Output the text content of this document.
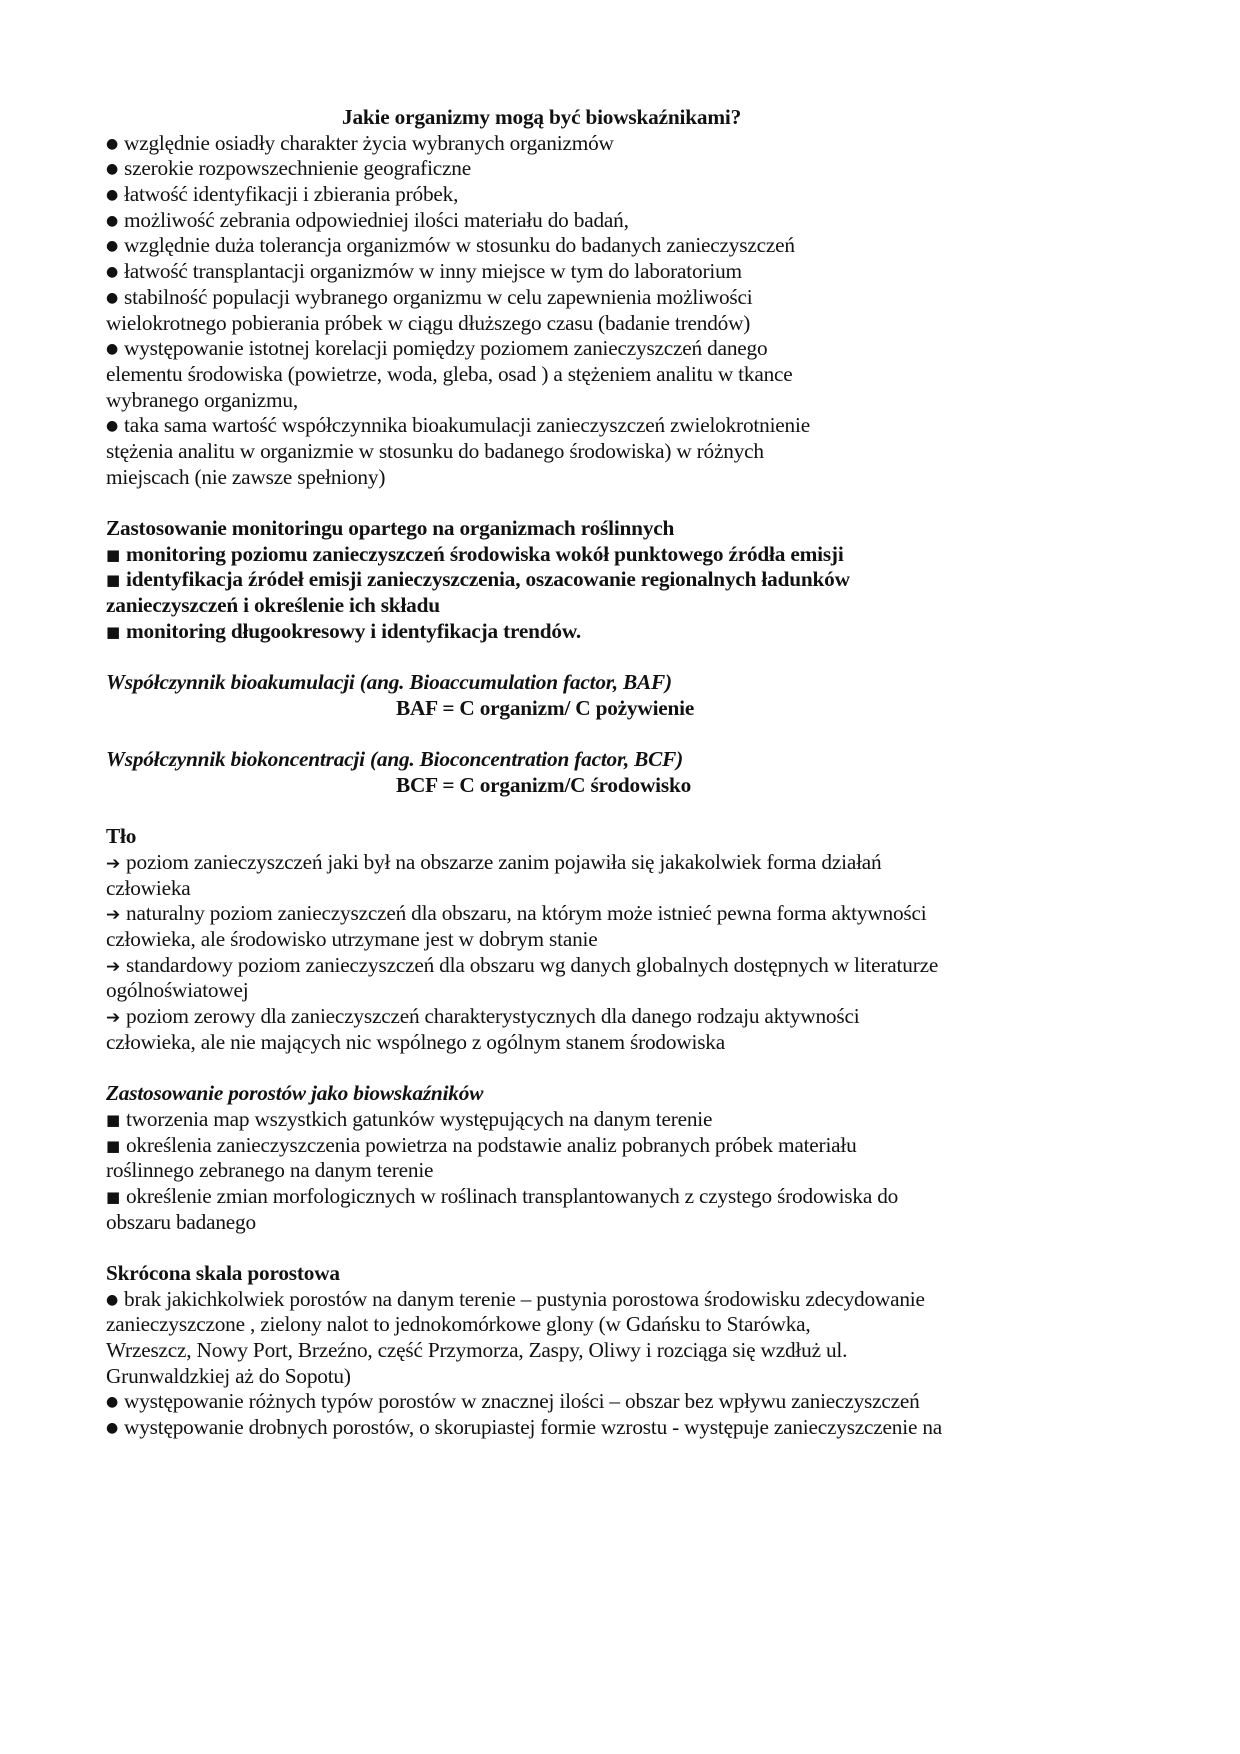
Jakie organizmy mogą być biowskaźnikami?
● względnie osiadły charakter życia wybranych organizmów
● szerokie rozpowszechnienie geograficzne
● łatwość identyfikacji i zbierania próbek,
● możliwość zebrania odpowiedniej ilości materiału do badań,
● względnie duża tolerancja organizmów w stosunku do badanych zanieczyszczeń
● łatwość transplantacji organizmów w inny miejsce w tym do laboratorium
● stabilność populacji wybranego organizmu w celu zapewnienia możliwości
wielokrotnego pobierania próbek w ciągu dłuższego czasu (badanie trendów)
● występowanie istotnej korelacji pomiędzy poziomem zanieczyszczeń danego
elementu środowiska (powietrze, woda, gleba, osad ) a stężeniem analitu w tkance
wybranego organizmu,
● taka sama wartość współczynnika bioakumulacji zanieczyszczeń zwielokrotnienie
stężenia analitu w organizmie w stosunku do badanego środowiska) w różnych
miejscach (nie zawsze spełniony)
Zastosowanie monitoringu opartego na organizmach roślinnych
■ monitoring poziomu zanieczyszczeń środowiska wokół punktowego źródła emisji
■ identyfikacja źródeł emisji zanieczyszczenia, oszacowanie regionalnych ładunków
zanieczyszczeń i określenie ich składu
■ monitoring długookresowy i identyfikacja trendów.
Współczynnik bioakumulacji (ang. Bioaccumulation factor, BAF)
BAF = C organizm/ C pożywienie
Współczynnik biokoncentracji (ang. Bioconcentration factor, BCF)
BCF = C organizm/C środowisko
Tło
➔ poziom zanieczyszczeń jaki był na obszarze zanim pojawiła się jakakolwiek forma działań
człowieka
➔ naturalny poziom zanieczyszczeń dla obszaru, na którym może istnieć pewna forma aktywności
człowieka, ale środowisko utrzymane jest w dobrym stanie
➔ standardowy poziom zanieczyszczeń dla obszaru wg danych globalnych dostępnych w literaturze
ogólnoświatowej
➔ poziom zerowy dla zanieczyszczeń charakterystycznych dla danego rodzaju aktywności
człowieka, ale nie mających nic wspólnego z ogólnym stanem środowiska
Zastosowanie porostów jako biowskaźników
■ tworzenia map wszystkich gatunków występujących na danym terenie
■ określenia zanieczyszczenia powietrza na podstawie analiz pobranych próbek materiału
roślinnego zebranego na danym terenie
■ określenie zmian morfologicznych w roślinach transplantowanych z czystego środowiska do
obszaru badanego
Skrócona skala porostowa
● brak jakichkolwiek porostów na danym terenie – pustynia porostowa środowisku zdecydowanie
zanieczyszczone , zielony nalot to jednokomórkowe glony (w Gdańsku to Starówka,
Wrzeszcz, Nowy Port, Brzeźno, część Przymorza, Zaspy, Oliwy i rozciąga się wzdłuż ul.
Grunwaldzkiej aż do Sopotu)
● występowanie różnych typów porostów w znacznej ilości – obszar bez wpływu zanieczyszczeń
● występowanie drobnych porostów, o skorupiastej formie wzrostu - występuje zanieczyszczenie na
